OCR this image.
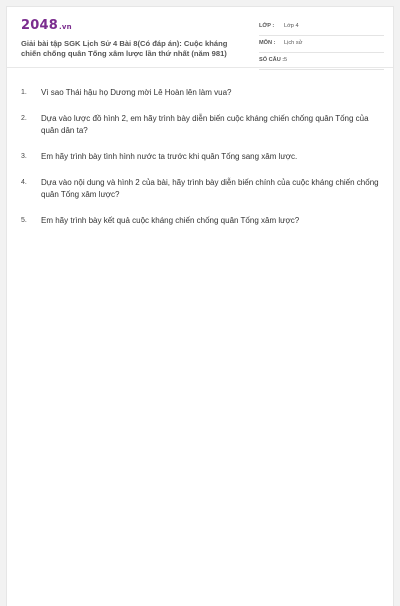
2048.vn
Giải bài tập SGK Lịch Sử 4 Bài 8(Có đáp án): Cuộc kháng chiến chống quân Tống xâm lược lần thứ nhất (năm 981)
LỚP : Lớp 4
MÔN : Lịch sử
SỐ CÂU : 5
1. Vì sao Thái hậu họ Dương mời Lê Hoàn lên làm vua?
2. Dựa vào lược đồ hình 2, em hãy trình bày diễn biến cuộc kháng chiến chống quân Tống của quân dân ta?
3. Em hãy trình bày tình hình nước ta trước khi quân Tống sang xâm lược.
4. Dựa vào nội dung và hình 2 của bài, hãy trình bày diễn biến chính của cuộc kháng chiến chống quân Tống xâm lược?
5. Em hãy trình bày kết quả cuộc kháng chiến chống quân Tống xâm lược?
